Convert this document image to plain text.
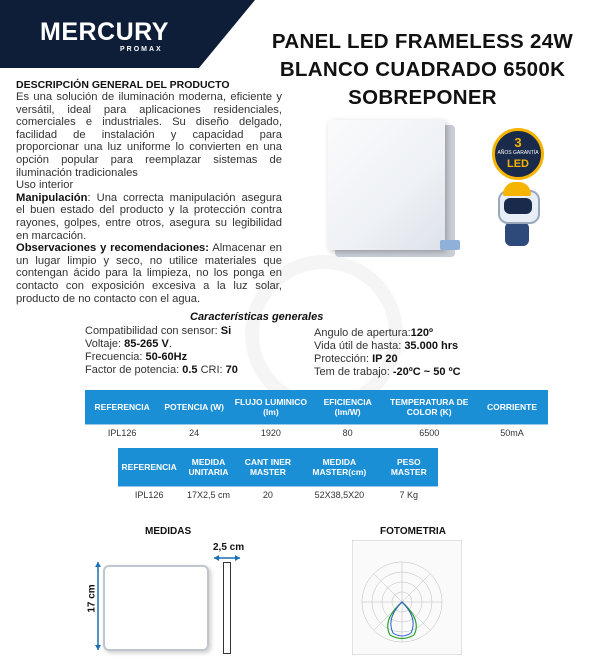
MERCURY
PROMAX	PANEL LED FRAMELESS 24W BLANCO CUADRADO 6500K SOBREPONER
DESCRIPCIÓN GENERAL DEL PRODUCTO
Es una solución de iluminación moderna, eficiente y versátil, ideal para aplicaciones residenciales, comerciales e industriales. Su diseño delgado, facilidad de instalación y capacidad para proporcionar una luz uniforme lo convierten en una opción popular para reemplazar sistemas de iluminación tradicionales
Uso interior
Manipulación: Una correcta manipulación asegura el buen estado del producto y la protección contra rayones, golpes, entre otros, asegura su legibilidad en marcación.
Observaciones y recomendaciones: Almacenar en un lugar limpio y seco, no utilice materiales que contengan ácido para la limpieza, no los ponga en contacto con exposición excesiva a la luz solar, producto de no contacto con el agua.
3
AÑOS GARANTÍA
LED
Características generales
Compatibilidad con sensor: Si
Voltaje: 85-265 V.
Frecuencia: 50-60Hz
Factor de potencia: 0.5 CRI: 70
Angulo de apertura:120º
Vida útil de hasta: 35.000 hrs
Protección: IP 20
Tem de trabajo: -20ºC ~ 50 ºC
REFERENCIA	POTENCIA (W)	FLUJO LUMINICO (lm)	EFICIENCIA (lm/W)	TEMPERATURA DE COLOR (K)	CORRIENTE
IPL126	24	1920	80	6500	50mA
REFERENCIA	MEDIDA UNITARIA	CANT INER MASTER	MEDIDA MASTER(cm)	PESO MASTER
IPL126	17X2,5 cm	20	52X38,5X20	7 Kg
MEDIDAS	FOTOMETRIA
2,5 cm
17 cm
